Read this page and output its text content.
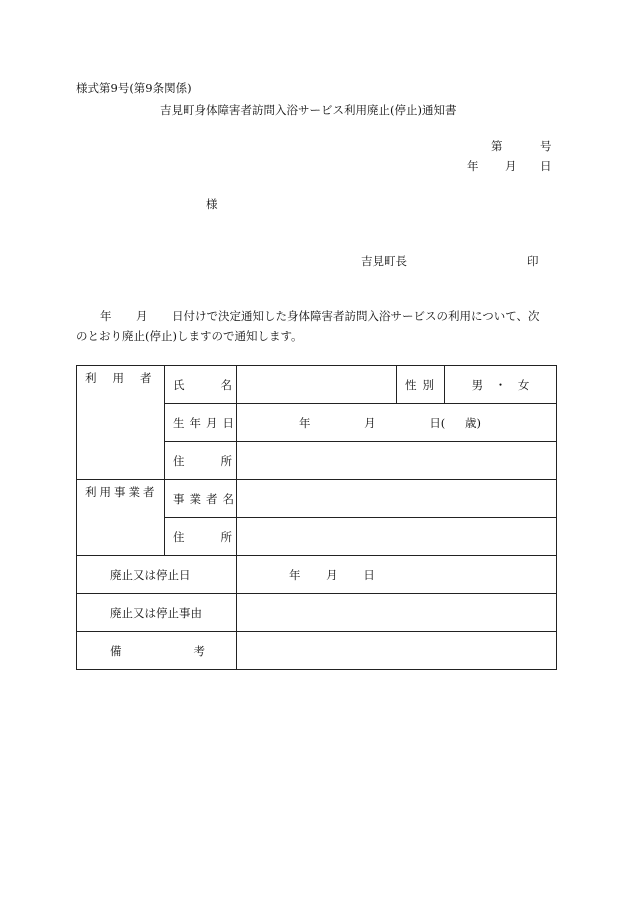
様式第9号(第9条関係)
吉見町身体障害者訪問入浴サービス利用廃止(停止)通知書
第	号
年 月 日
様
吉見町長	印
年 月 日付けで決定通知した身体障害者訪問入浴サービスの利用について、次
のとおり廃止(停止)しますので通知します。
利用者	氏名		性別	男 ・ 女
	生年月日	年 月 日( 歳)		
	住所			
利用事業者	事業者名			
	住所			
廃止又は停止日		年 月 日		
廃止又は停止事由				
備考				
